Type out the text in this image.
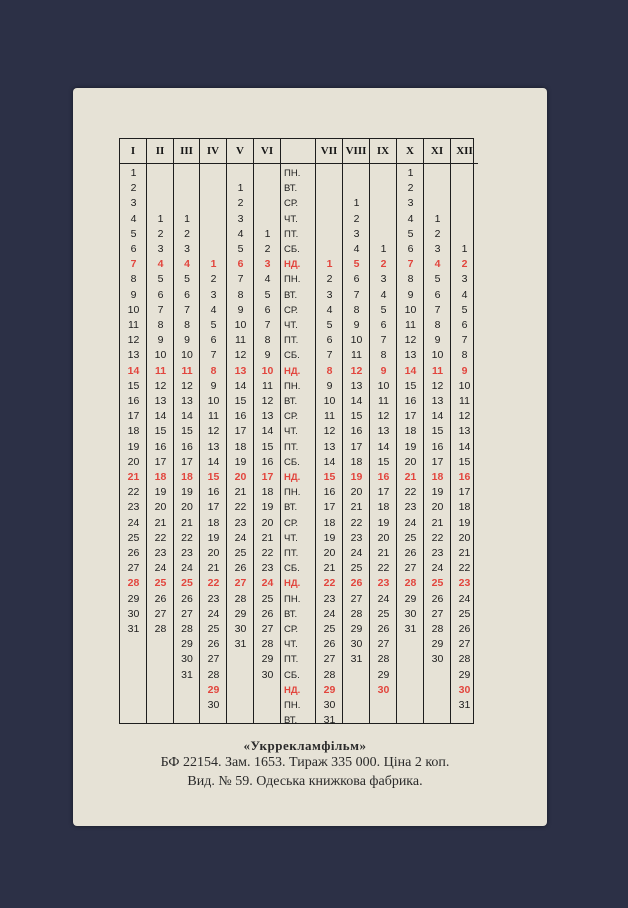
I
1
2
3
4
5
6
7
8
9
10
11
12
13
14
15
16
17
18
19
20
21
22
23
24
25
26
27
28
29
30
31
II
1
2
3
4
5
6
7
8
9
10
11
12
13
14
15
16
17
18
19
20
21
22
23
24
25
26
27
28
III
1
2
3
4
5
6
7
8
9
10
11
12
13
14
15
16
17
18
19
20
21
22
23
24
25
26
27
28
29
30
31
IV
1
2
3
4
5
6
7
8
9
10
11
12
13
14
15
16
17
18
19
20
21
22
23
24
25
26
27
28
29
30
V
1
2
3
4
5
6
7
8
9
10
11
12
13
14
15
16
17
18
19
20
21
22
23
24
25
26
27
28
29
30
31
VI
1
2
3
4
5
6
7
8
9
10
11
12
13
14
15
16
17
18
19
20
21
22
23
24
25
26
27
28
29
30
ПН.
ВТ.
СР.
ЧТ.
ПТ.
СБ.
НД.
ПН.
ВТ.
СР.
ЧТ.
ПТ.
СБ.
НД.
ПН.
ВТ.
СР.
ЧТ.
ПТ.
СБ.
НД.
ПН.
ВТ.
СР.
ЧТ.
ПТ.
СБ.
НД.
ПН.
ВТ.
СР.
ЧТ.
ПТ.
СБ.
НД.
ПН.
ВТ.
VII
1
2
3
4
5
6
7
8
9
10
11
12
13
14
15
16
17
18
19
20
21
22
23
24
25
26
27
28
29
30
31
VIII
1
2
3
4
5
6
7
8
9
10
11
12
13
14
15
16
17
18
19
20
21
22
23
24
25
26
27
28
29
30
31
IX
1
2
3
4
5
6
7
8
9
10
11
12
13
14
15
16
17
18
19
20
21
22
23
24
25
26
27
28
29
30
X
1
2
3
4
5
6
7
8
9
10
11
12
13
14
15
16
17
18
19
20
21
22
23
24
25
26
27
28
29
30
31
XI
1
2
3
4
5
6
7
8
9
10
11
12
13
14
15
16
17
18
19
20
21
22
23
24
25
26
27
28
29
30
XII
1
2
3
4
5
6
7
8
9
10
11
12
13
14
15
16
17
18
19
20
21
22
23
24
25
26
27
28
29
30
31
«Укррекламфільм»
БФ 22154. Зам. 1653. Тираж 335 000. Ціна 2 коп.
Вид. № 59. Одеська книжкова фабрика.
